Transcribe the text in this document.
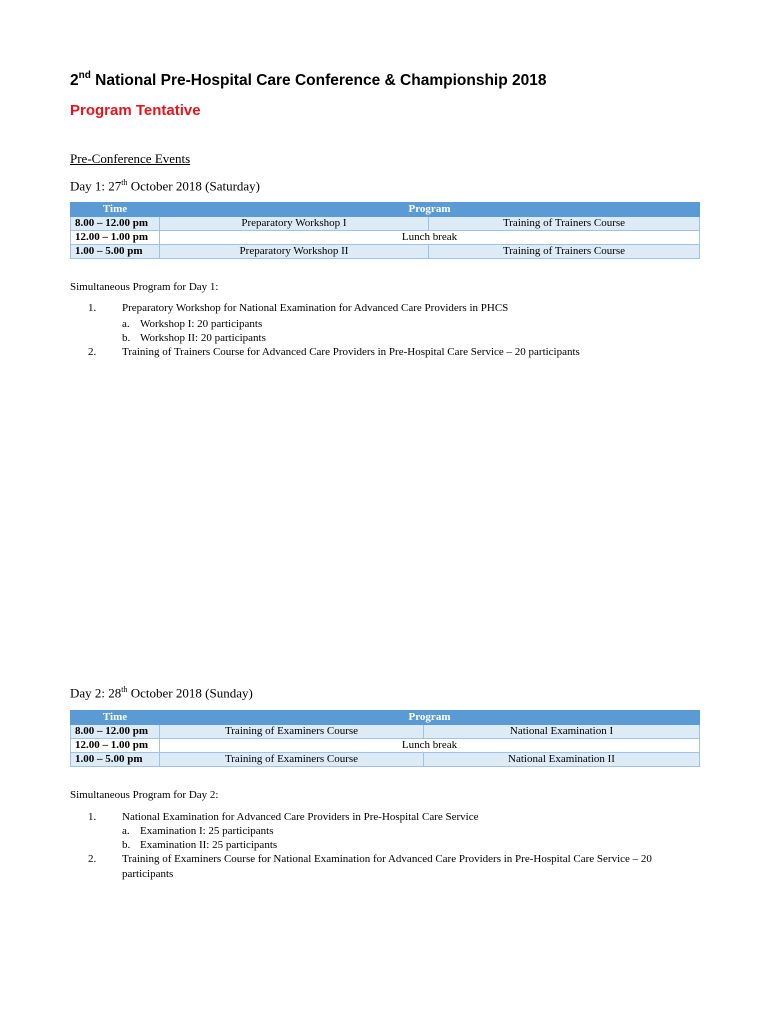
2nd National Pre-Hospital Care Conference & Championship 2018
Program Tentative
Pre-Conference Events
Day 1: 27th October 2018 (Saturday)
Time	Program	
8.00 – 12.00 pm	Preparatory Workshop I	Training of Trainers Course
12.00 – 1.00 pm	Lunch break	
1.00 – 5.00 pm	Preparatory Workshop II	Training of Trainers Course
Simultaneous Program for Day 1:
1. Preparatory Workshop for National Examination for Advanced Care Providers in PHCS
a. Workshop I: 20 participants
b. Workshop II: 20 participants
2. Training of Trainers Course for Advanced Care Providers in Pre-Hospital Care Service – 20 participants
Day 2: 28th October 2018 (Sunday)
Time	Program	
8.00 – 12.00 pm	Training of Examiners Course	National Examination I
12.00 – 1.00 pm	Lunch break	
1.00 – 5.00 pm	Training of Examiners Course	National Examination II
Simultaneous Program for Day 2:
1. National Examination for Advanced Care Providers in Pre-Hospital Care Service
a. Examination I: 25 participants
b. Examination II: 25 participants
2. Training of Examiners Course for National Examination for Advanced Care Providers in Pre-Hospital Care Service – 20
participants
